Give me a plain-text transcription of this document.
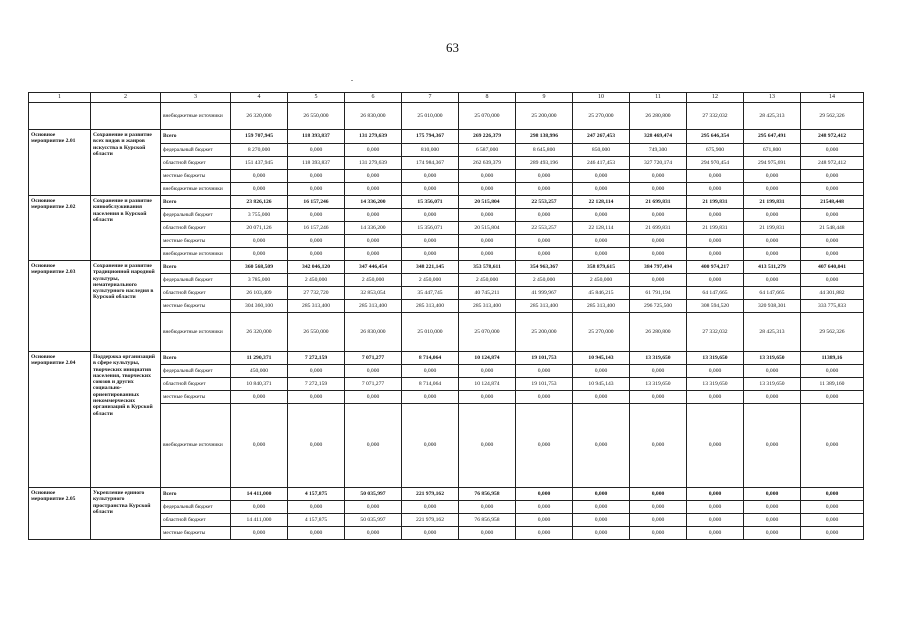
63
1	2	3	4	5	6	7	8	9	10	11	12	13	14
		внебюджетные источники	26 320,000	26 550,000	26 830,000	25 010,000	25 070,000	25 200,000	25 270,000	26 280,800	27 332,032	28 425,313	29 562,326
Основное мероприятие 2.01	Сохранение и развитие всех видов и жанров искусства в Курской области	Всего	159 707,945	118 393,837	131 279,639	175 794,367	269 226,379	298 138,996	247 267,453	328 469,474	295 646,354	295 647,491	248 972,412
		федеральный бюджет	8 270,000	0,000	0,000	810,000	6 587,000	8 645,800	850,000	749,300	675,900	671,800	0,000
		областной бюджет	151 437,945	118 393,837	131 279,639	174 984,367	262 639,379	289 493,196	246 417,453	327 720,174	294 970,454	294 975,691	248 972,412
		местные бюджеты	0,000	0,000	0,000	0,000	0,000	0,000	0,000	0,000	0,000	0,000	0,000
		внебюджетные источники	0,000	0,000	0,000	0,000	0,000	0,000	0,000	0,000	0,000	0,000	0,000
Основное мероприятие 2.02	Сохранение и развитие кинообслуживания населения в Курской области	Всего	23 826,126	16 157,246	14 336,200	15 356,071	20 515,804	22 553,257	22 128,114	21 699,831	21 199,831	21 199,831	21548,448
		федеральный бюджет	3 755,000	0,000	0,000	0,000	0,000	0,000	0,000	0,000	0,000	0,000	0,000
		областной бюджет	20 071,126	16 157,246	14 336,200	15 356,071	20 515,804	22 553,257	22 128,114	21 699,831	21 199,831	21 199,831	21 548,448
		местные бюджеты	0,000	0,000	0,000	0,000	0,000	0,000	0,000	0,000	0,000	0,000	0,000
		внебюджетные источники	0,000	0,000	0,000	0,000	0,000	0,000	0,000	0,000	0,000	0,000	0,000
Основное мероприятие 2.03	Сохранение и развитие традиционной народной культуры, нематериального культурного наследия в Курской области	Всего	360 568,509	342 046,120	347 446,454	348 221,145	353 578,611	354 963,367	358 879,615	384 797,494	400 974,217	413 511,279	407 640,041
		федеральный бюджет	3 785,000	2 450,000	2 450,000	2 450,000	2 450,000	2 450,000	2 450,000	0,000	0,000	0,000	0,000
		областной бюджет	26 103,409	27 732,720	32 853,054	35 447,745	40 745,211	41 999,967	45 846,215	61 791,194	64 147,665	64 147,665	44 301,882
		местные бюджеты	304 360,100	285 313,400	285 313,400	285 313,400	285 313,400	285 313,400	285 313,400	296 725,500	308 594,520	320 938,301	333 775,833
		внебюджетные источники	26 320,000	26 550,000	26 830,000	25 010,000	25 070,000	25 200,000	25 270,000	26 280,800	27 332,032	28 425,313	29 562,326
Основное мероприятие 2.04	Поддержка организаций в сфере культуры, творческих инициатив населения, творческих союзов и других социально-ориентированных некоммерческих организаций в Курской области	Всего	11 290,371	7 272,159	7 071,277	8 714,064	10 124,874	19 101,753	10 945,143	13 319,650	13 319,650	13 319,650	11389,16
		федеральный бюджет	450,000	0,000	0,000	0,000	0,000	0,000	0,000	0,000	0,000	0,000	0,000
		областной бюджет	10 840,371	7 272,159	7 071,277	8 714,064	10 124,874	19 101,753	10 945,143	13 319,650	13 319,650	13 319,650	11 389,160
		местные бюджеты	0,000	0,000	0,000	0,000	0,000	0,000	0,000	0,000	0,000	0,000	0,000
		внебюджетные источники	0,000	0,000	0,000	0,000	0,000	0,000	0,000	0,000	0,000	0,000	0,000
Основное мероприятие 2.05	Укрепление единого культурного пространства Курской области	Всего	14 411,000	4 157,875	50 035,997	221 979,162	76 856,958	0,000	0,000	0,000	0,000	0,000	0,000
		федеральный бюджет	0,000	0,000	0,000	0,000	0,000	0,000	0,000	0,000	0,000	0,000	0,000
		областной бюджет	14 411,000	4 157,875	50 035,997	221 979,162	76 856,958	0,000	0,000	0,000	0,000	0,000	0,000
		местные бюджеты	0,000	0,000	0,000	0,000	0,000	0,000	0,000	0,000	0,000	0,000	0,000
